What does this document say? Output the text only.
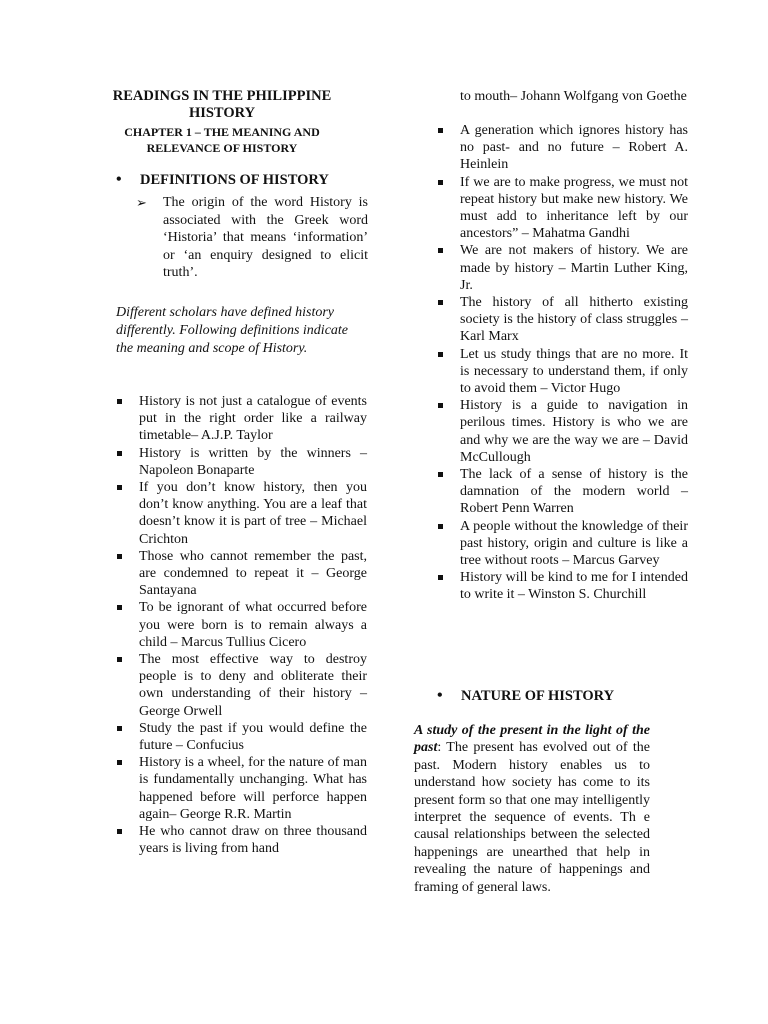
READINGS IN THE PHILIPPINE HISTORY
CHAPTER 1 – THE MEANING AND RELEVANCE OF HISTORY
• DEFINITIONS OF HISTORY
➢	The origin of the word History is associated with the Greek word ‘Historia’ that means ‘information’ or ‘an enquiry designed to elicit truth’.
Different scholars have defined history differently. Following definitions indicate the meaning and scope of History.
History is not just a catalogue of events put in the right order like a railway timetable– A.J.P. Taylor
History is written by the winners – Napoleon Bonaparte
If you don’t know history, then you don’t know anything. You are a leaf that doesn’t know it is part of tree – Michael Crichton
Those who cannot remember the past, are condemned to repeat it – George Santayana
To be ignorant of what occurred before you were born is to remain always a child – Marcus Tullius Cicero
The most effective way to destroy people is to deny and obliterate their own understanding of their history – George Orwell
Study the past if you would define the future – Confucius
History is a wheel, for the nature of man is fundamentally unchanging. What has happened before will perforce happen again– George R.R. Martin
He who cannot draw on three thousand years is living from hand
to mouth– Johann Wolfgang von Goethe
A generation which ignores history has no past- and no future – Robert A. Heinlein
If we are to make progress, we must not repeat history but make new history. We must add to inheritance left by our ancestors” – Mahatma Gandhi
We are not makers of history. We are made by history – Martin Luther King, Jr.
The history of all hitherto existing society is the history of class struggles – Karl Marx
Let us study things that are no more. It is necessary to understand them, if only to avoid them – Victor Hugo
History is a guide to navigation in perilous times. History is who we are and why we are the way we are – David McCullough
The lack of a sense of history is the damnation of the modern world – Robert Penn Warren
A people without the knowledge of their past history, origin and culture is like a tree without roots – Marcus Garvey
History will be kind to me for I intended to write it – Winston S. Churchill
• NATURE OF HISTORY
A study of the present in the light of the past: The present has evolved out of the past. Modern history enables us to understand how society has come to its present form so that one may intelligently interpret the sequence of events. Th e causal relationships between the selected happenings are unearthed that help in revealing the nature of happenings and framing of general laws.
